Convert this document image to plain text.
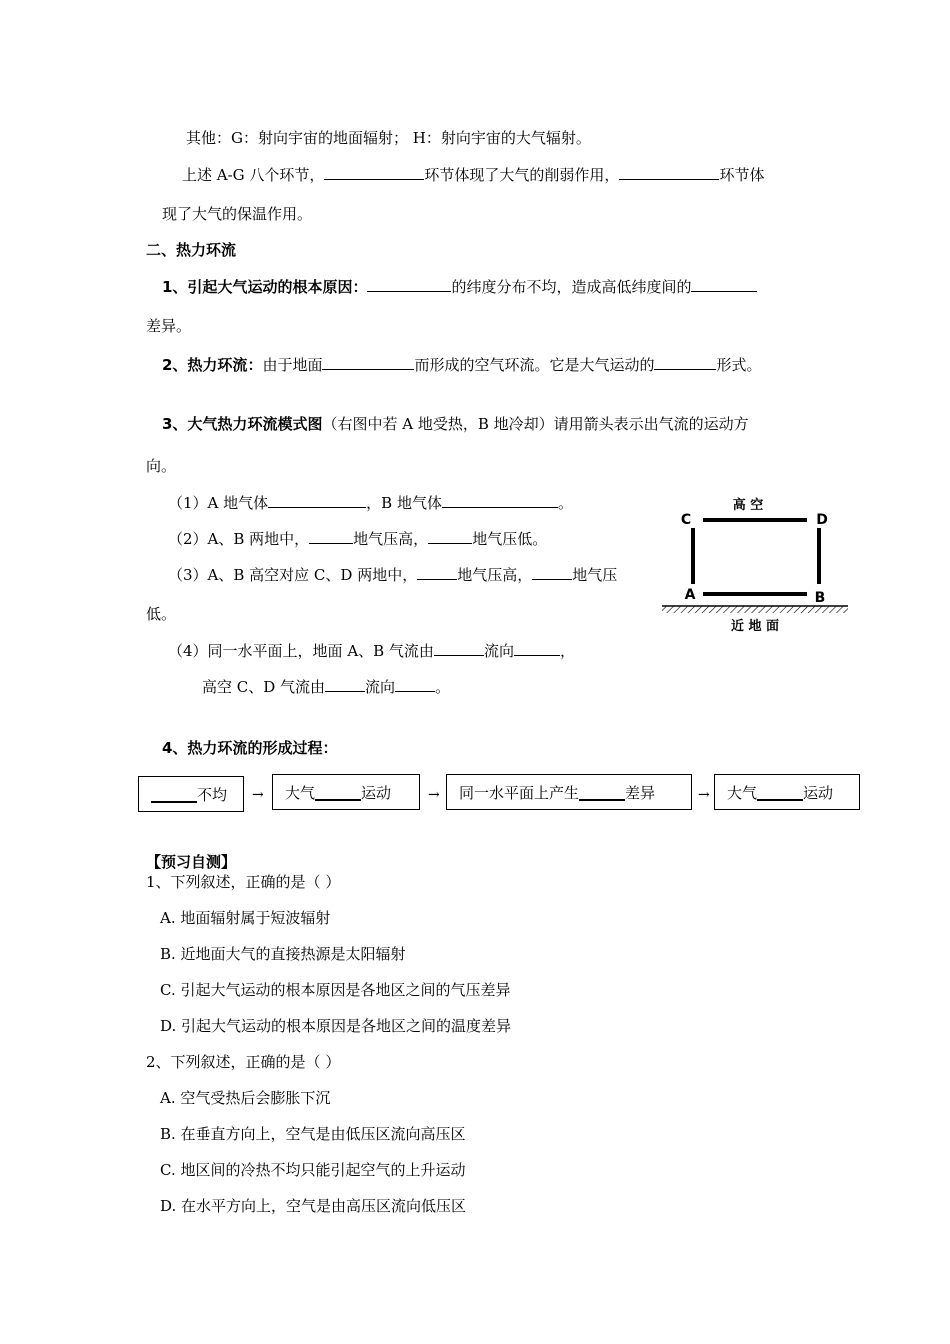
其他：G：射向宇宙的地面辐射； H：射向宇宙的大气辐射。
上述 A-G 八个环节，	环节体现了大气的削弱作用，	环节体
现了大气的保温作用。
二、热力环流
1、引起大气运动的根本原因：	的纬度分布不均，造成高低纬度间的
差异。
2、热力环流：由于地面	而形成的空气环流。它是大气运动的	形式。
3、大气热力环流模式图（右图中若 A 地受热，B 地冷却）请用箭头表示出气流的运动方
向。
（1）A 地气体	，B 地气体	。
（2）A、B 两地中，	地气压高，	地气压低。
（3）A、B 高空对应 C、D 两地中，	地气压高，	地气压
低。
（4）同一水平面上，地面 A、B 气流由	流向	，
高空 C、D 气流由	流向	。
高 空
C	D
A	B
近 地 面
4、热力环流的形成过程：
不均 → 大气	运动	→ 同一水平面上产生	差异	→ 大气	运动
【预习自测】
1、下列叙述，正确的是（ ）
A. 地面辐射属于短波辐射
B. 近地面大气的直接热源是太阳辐射
C. 引起大气运动的根本原因是各地区之间的气压差异
D. 引起大气运动的根本原因是各地区之间的温度差异
2、下列叙述，正确的是（ ）
A. 空气受热后会膨胀下沉
B. 在垂直方向上，空气是由低压区流向高压区
C. 地区间的冷热不均只能引起空气的上升运动
D. 在水平方向上，空气是由高压区流向低压区
